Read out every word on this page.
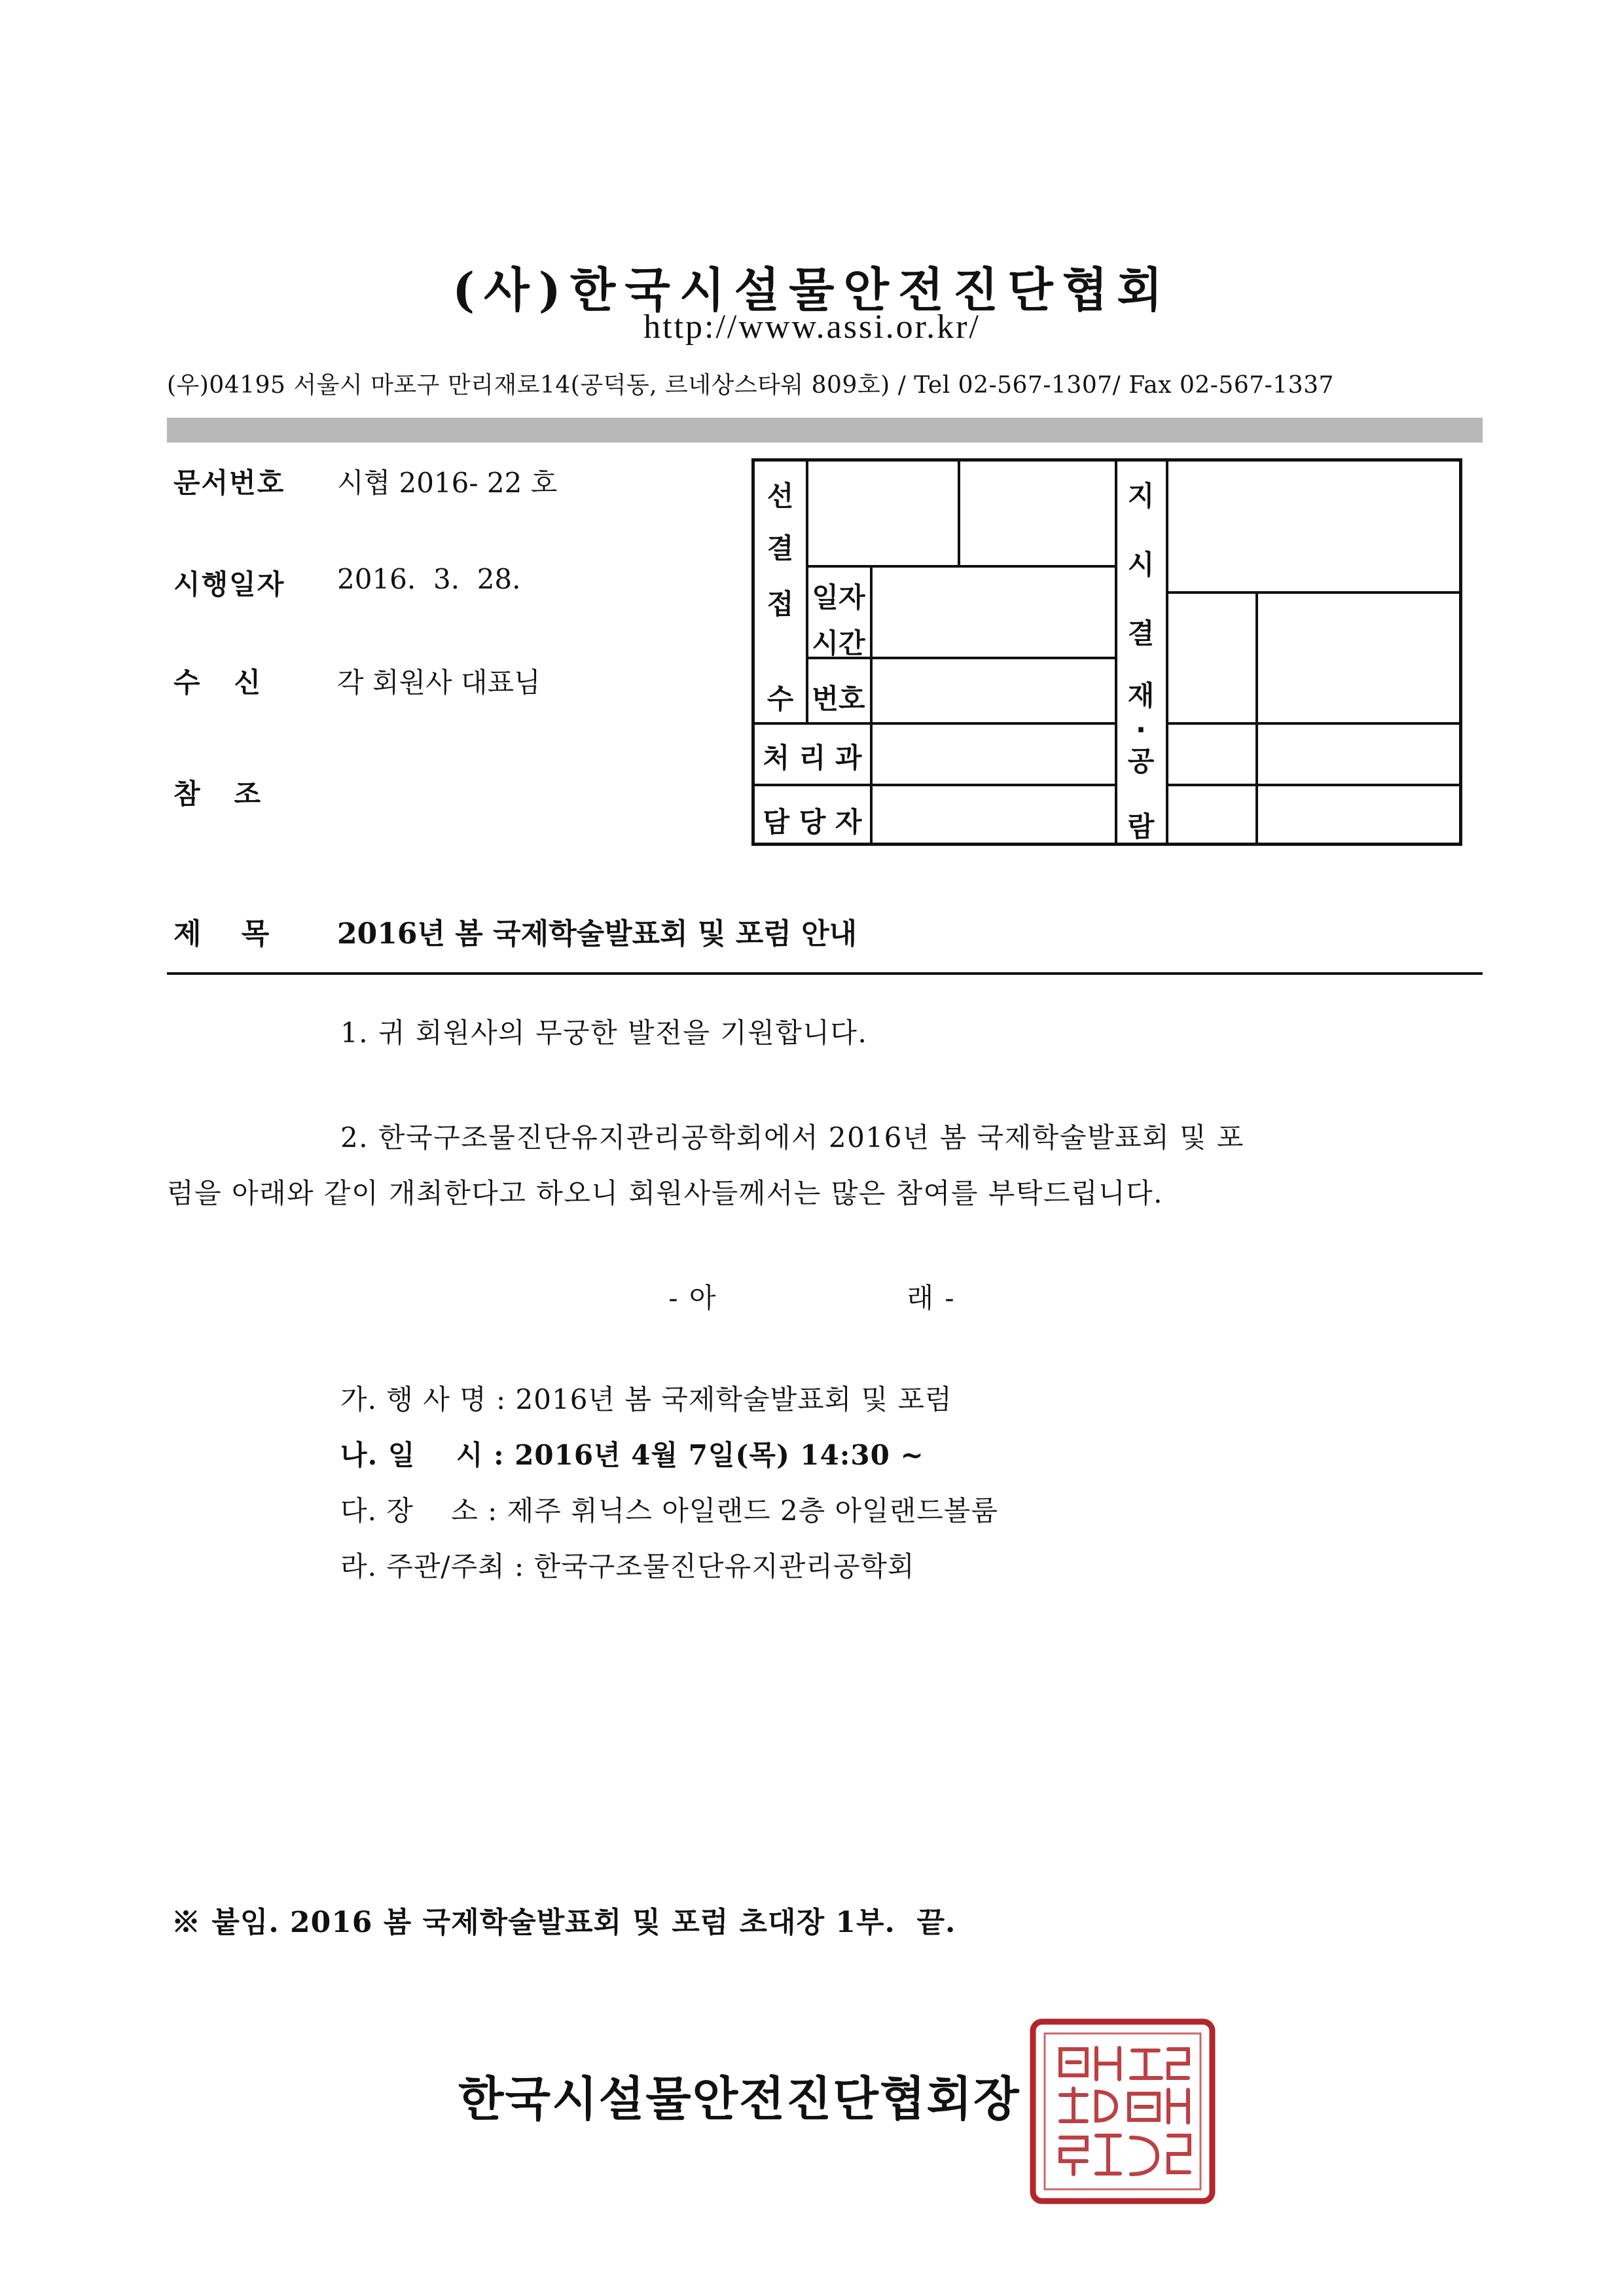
(사)한국시설물안전진단협회
http://www.assi.or.kr/
(우)04195 서울시 마포구 만리재로14(공덕동, 르네상스타워 809호) / Tel 02-567-1307/ Fax 02-567-1337
문서번호 시협 2016- 22 호
시행일자 2016.  3.  28.
수   신	각 회원사 대표님
참   조
선
결
접
수
일자
시간
번호
처 리 과
담 당 자
지
시
결
재
·
공
람
제    목 2016년 봄 국제학술발표회 및 포럼 안내
1. 귀 회원사의 무궁한 발전을 기원합니다.
2. 한국구조물진단유지관리공학회에서 2016년 봄 국제학술발표회 및 포
럼을 아래와 같이 개최한다고 하오니 회원사들께서는 많은 참여를 부탁드립니다.
- 아	래 -
가. 행 사 명 : 2016년 봄 국제학술발표회 및 포럼
나. 일    시 : 2016년 4월 7일(목) 14:30 ~
다. 장    소 : 제주 휘닉스 아일랜드 2층 아일랜드볼룸
라. 주관/주최 : 한국구조물진단유지관리공학회
※ 붙임. 2016 봄 국제학술발표회 및 포럼 초대장 1부.  끝.
한국시설물안전진단협회장
